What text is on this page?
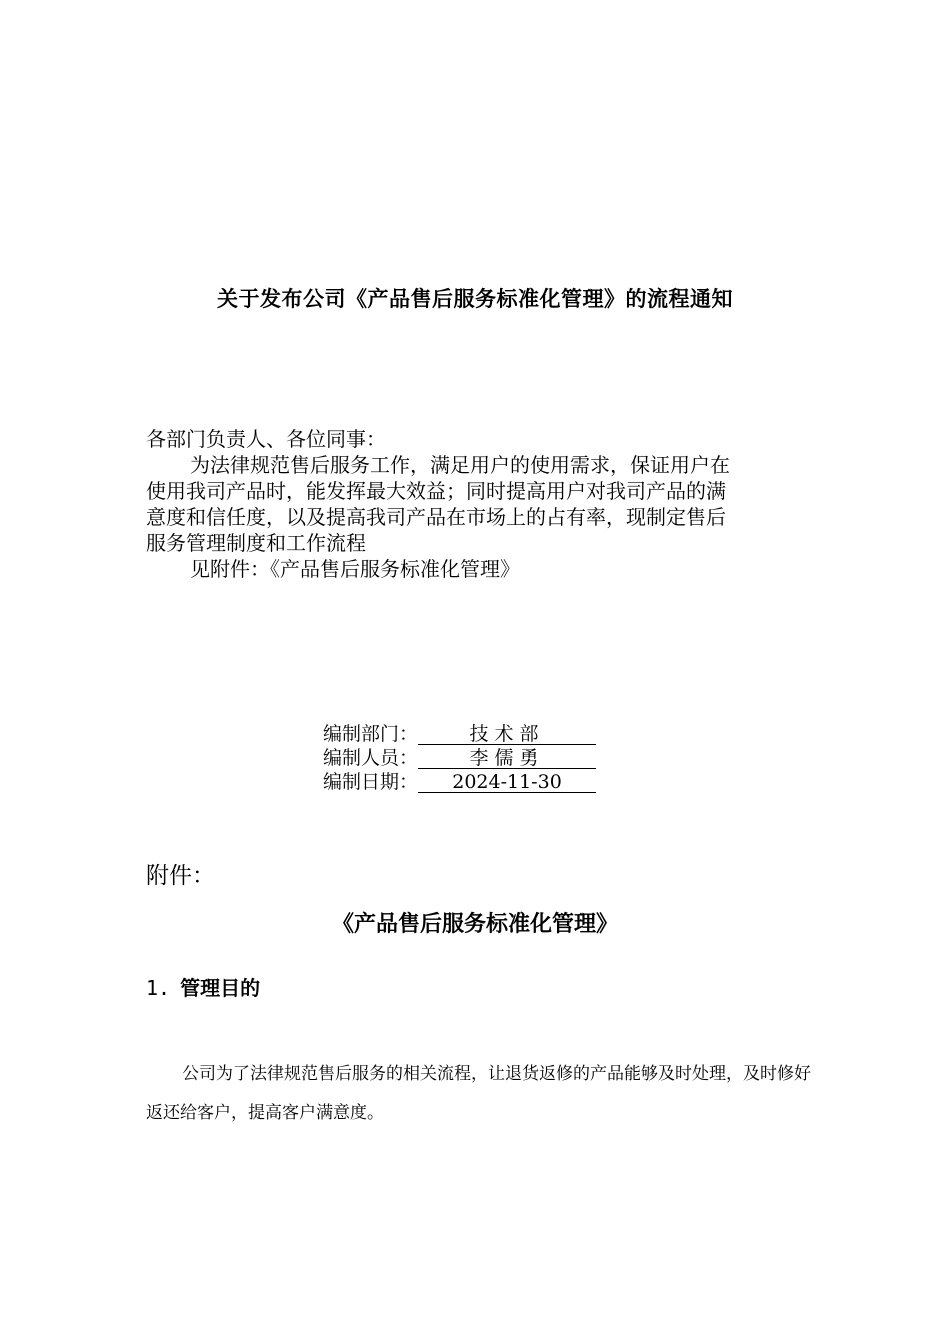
关于发布公司《产品售后服务标准化管理》的流程通知

各部门负责人、各位同事：

为法律规范售后服务工作，满足用户的使用需求，保证用户在

使用我司产品时，能发挥最大效益；同时提高用户对我司产品的满

意度和信任度，以及提高我司产品在市场上的占有率，现制定售后

服务管理制度和工作流程

见附件：《产品售后服务标准化管理》

编制部门：	技术部
编制人员：	李儒勇
编制日期：	2024-11-30
附件：
《产品售后服务标准化管理》
1. 管理目的
公司为了法律规范售后服务的相关流程，让退货返修的产品能够及时处理，及时修好返还给客户，提高客户满意度。
